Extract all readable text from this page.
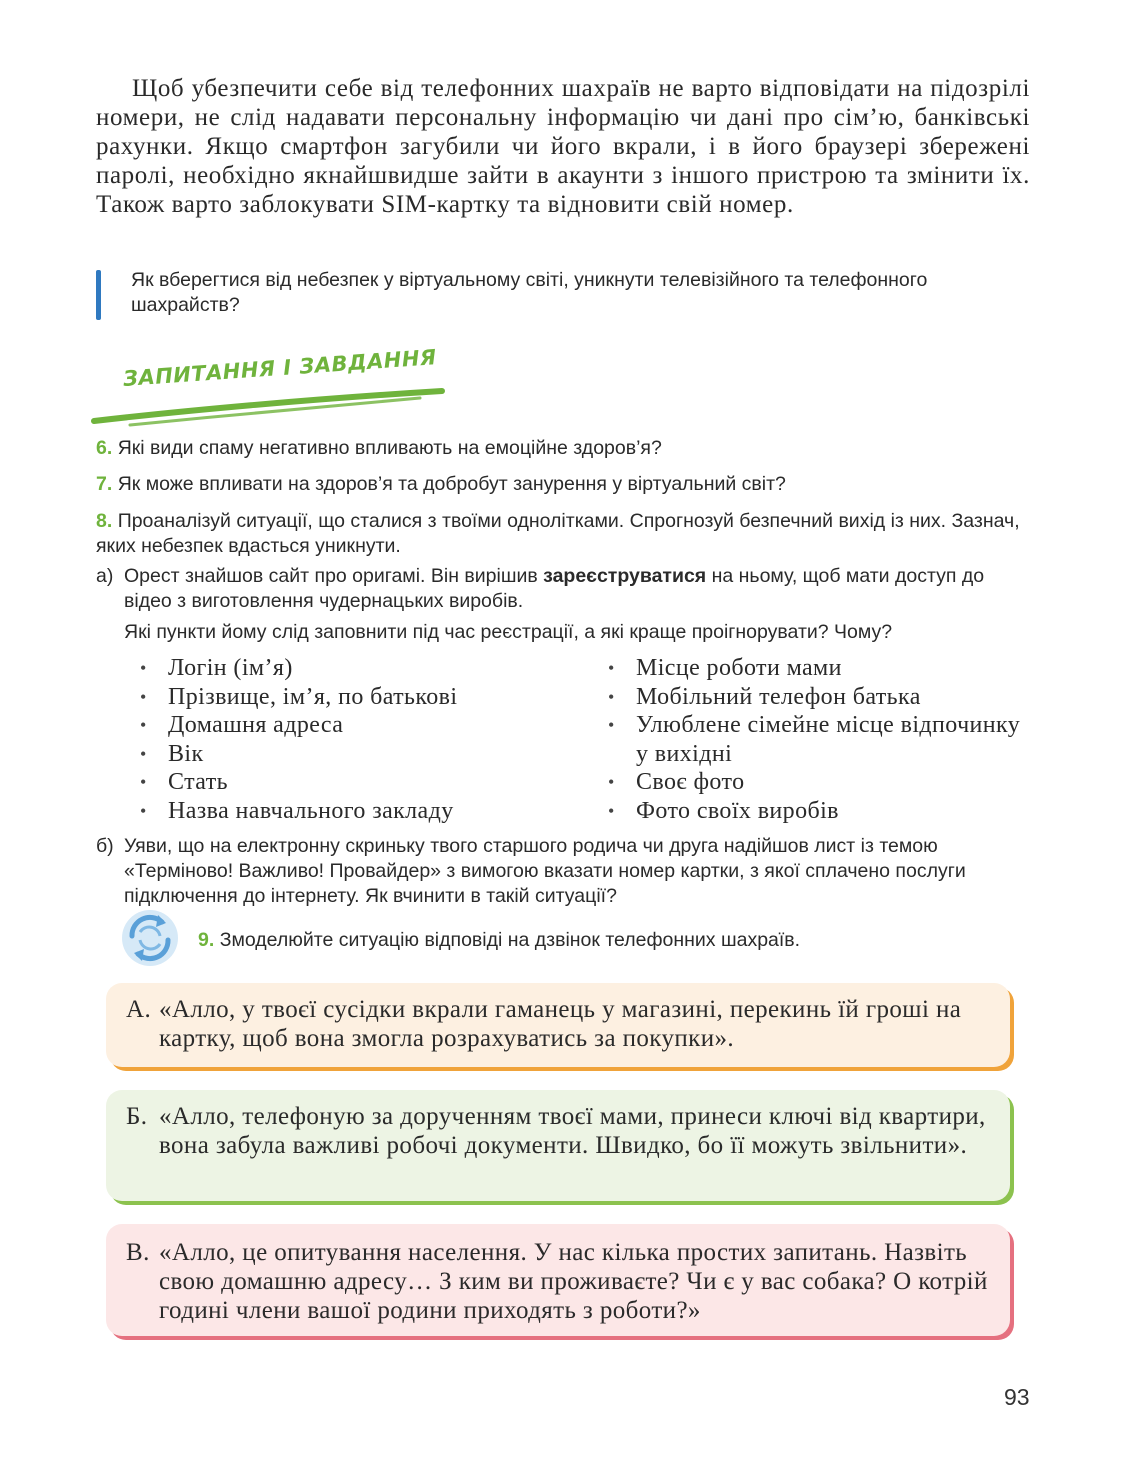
Щоб убезпечити себе від телефонних шахраїв не варто відповідати на підозрілі номери, не слід надавати персональну інформацію чи дані про сім’ю, банківські рахунки. Якщо смартфон загубили чи його вкрали, і в його браузері збережені паролі, необхідно якнайшвидше зайти в акаунти з іншого пристрою та змінити їх. Також варто заблокувати SIM-картку та відновити свій номер.

Як вберегтися від небезпек у віртуальному світі, уникнути телевізійного та телефонного шахрайств?
ЗАПИТАННЯ І ЗАВДАННЯ
6. Які види спаму негативно впливають на емоційне здоров’я?
7. Як може впливати на здоров’я та добробут занурення у віртуальний світ?
8. Проаналізуй ситуації, що сталися з твоїми однолітками. Спрогнозуй безпечний вихід із них. Зазнач, яких небезпек вдасться уникнути.
а) Орест знайшов сайт про оригамі. Він вирішив зареєструватися на ньому, щоб мати доступ до відео з виготовлення чудернацьких виробів.
Які пункти йому слід заповнити під час реєстрації, а які краще проігнорувати? Чому?
• Логін (ім’я)
• Прізвище, ім’я, по батькові
• Домашня адреса
• Вік
• Стать
• Назва навчального закладу
• Місце роботи мами
• Мобільний телефон батька
• Улюблене сімейне місце відпочинку у вихідні
• Своє фото
• Фото своїх виробів
б) Уяви, що на електронну скриньку твого старшого родича чи друга надійшов лист із темою «Терміново! Важливо! Провайдер» з вимогою вказати номер картки, з якої сплачено послуги підключення до інтернету. Як вчинити в такій ситуації?
9. Змоделюйте ситуацію відповіді на дзвінок телефонних шахраїв.
А. «Алло, у твоєї сусідки вкрали гаманець у магазині, перекинь їй гроші на картку, щоб вона змогла розрахуватись за покупки».
Б. «Алло, телефоную за дорученням твоєї мами, принеси ключі від квартири, вона забула важливі робочі документи. Швидко, бо її можуть звільнити».
В. «Алло, це опитування населення. У нас кілька простих запитань. Назвіть свою домашню адресу… З ким ви проживаєте? Чи є у вас собака? О котрій годині члени вашої родини приходять з роботи?»
93
